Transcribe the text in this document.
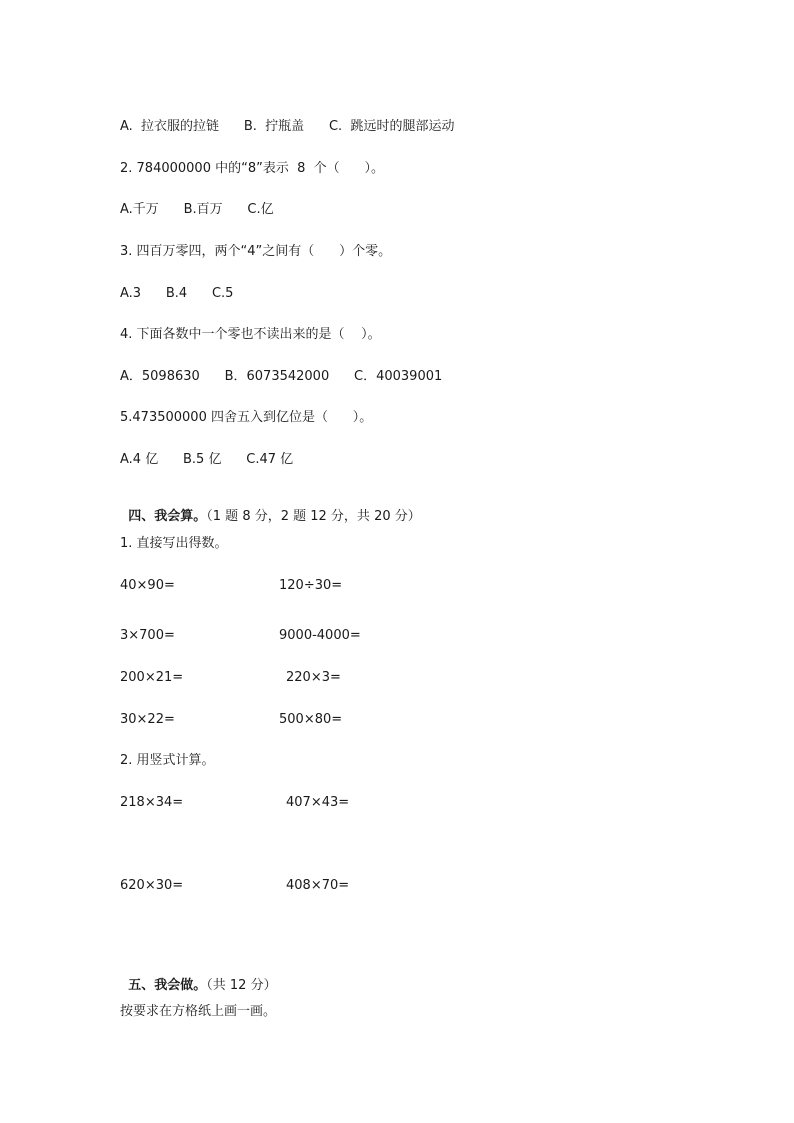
A.  拉衣服的拉链      B.  拧瓶盖      C.  跳远时的腿部运动
2. 784000000 中的“8”表示  8  个（      ）。
A.千万      B.百万      C.亿
3. 四百万零四，两个“4”之间有（      ）个零。
A.3      B.4      C.5
4. 下面各数中一个零也不读出来的是（    ）。
A．5098630      B．6073542000      C．40039001
5.473500000 四舍五入到亿位是（      ）。
A.4 亿      B.5 亿      C.47 亿

四、我会算。（1 题 8 分，2 题 12 分，共 20 分）

1. 直接写出得数。
40×90=	120÷30=
3×700=	9000-4000=
200×21=	220×3=
30×22=	500×80=
2. 用竖式计算。
218×34=	407×43=
620×30=	408×70=

五、我会做。（共 12 分）

按要求在方格纸上画一画。
